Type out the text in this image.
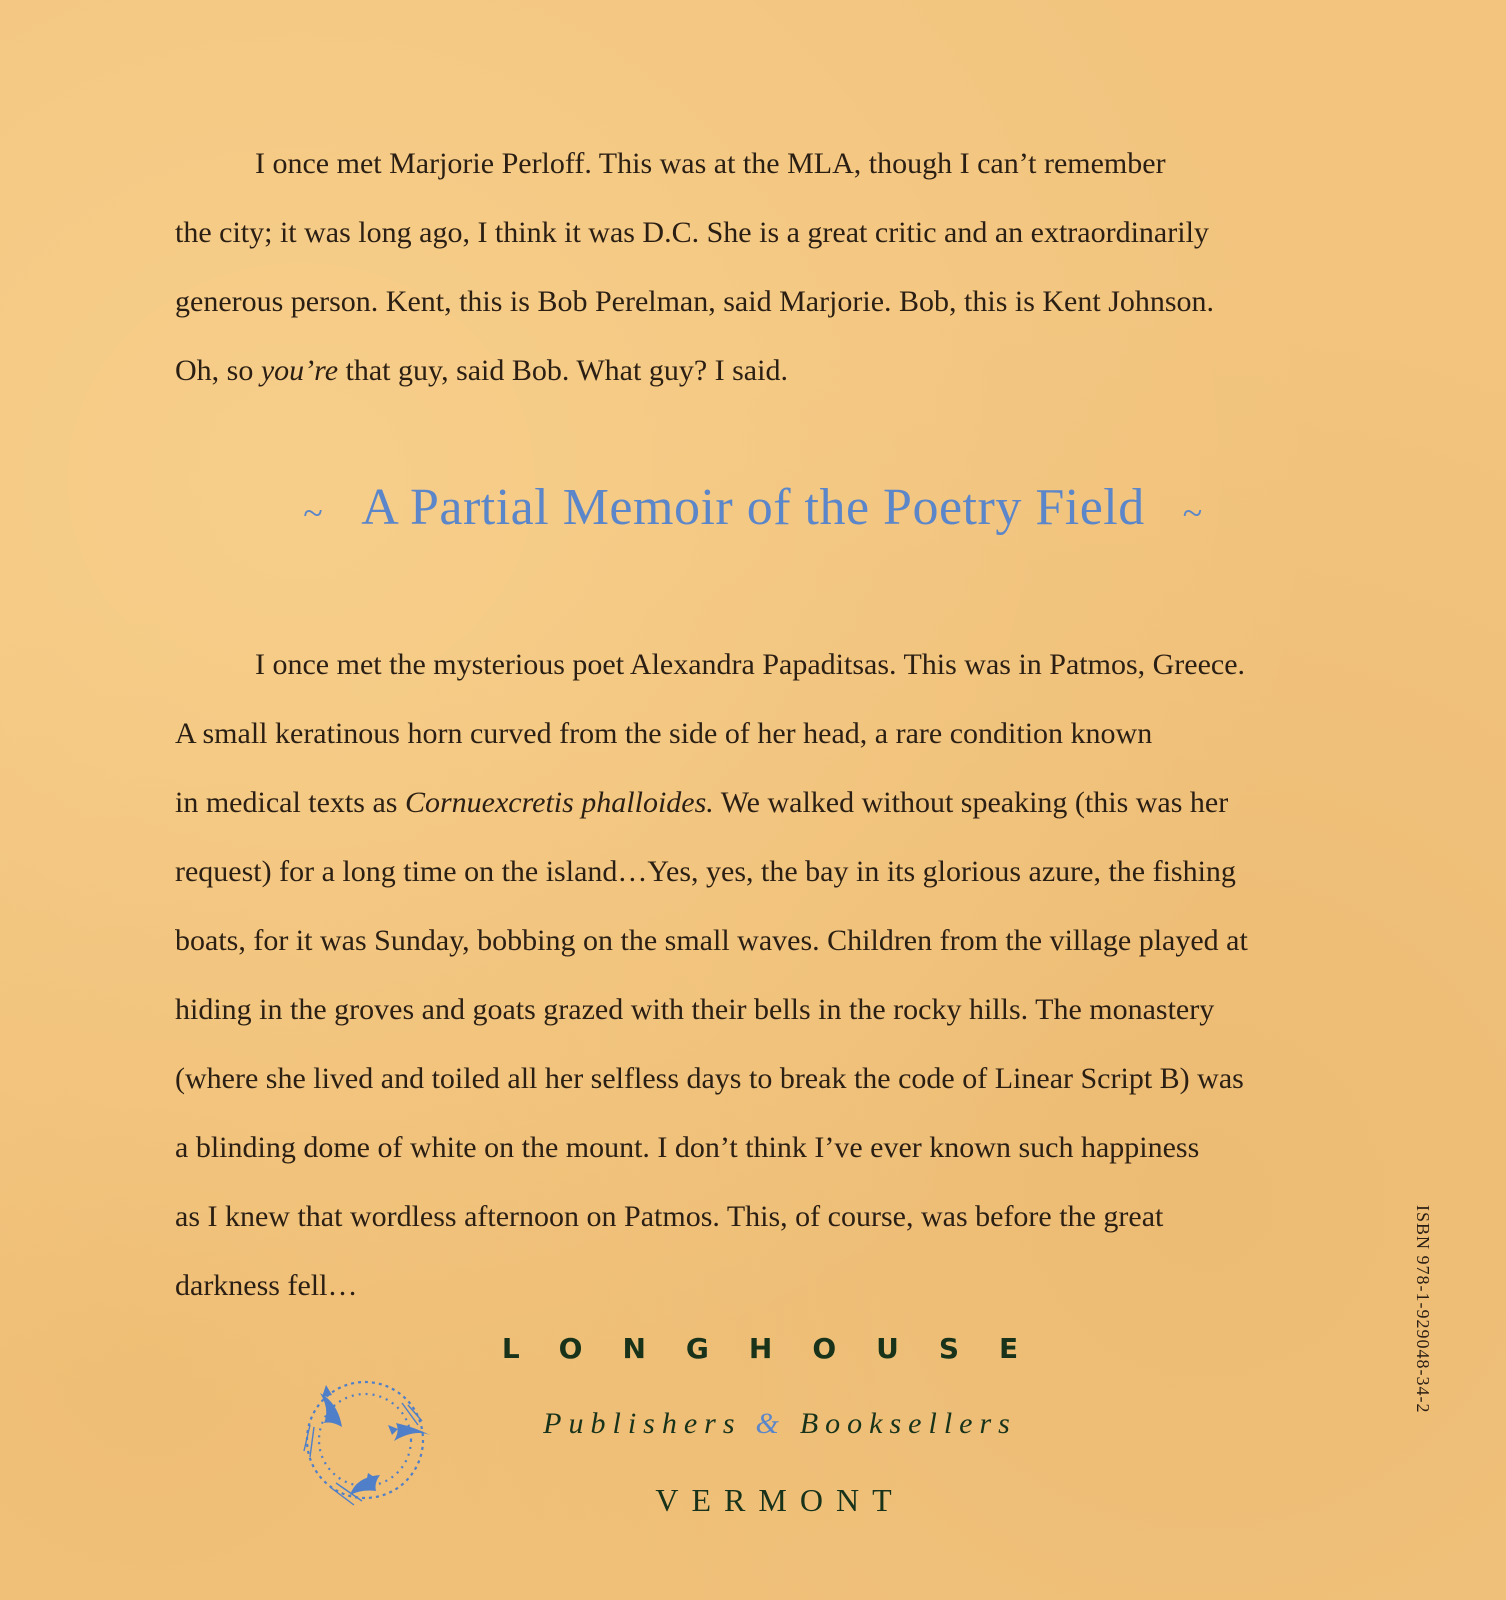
I once met Marjorie Perloff. This was at the MLA, though I can’t remember
the city; it was long ago, I think it was D.C. She is a great critic and an extraordinarily
generous person. Kent, this is Bob Perelman, said Marjorie. Bob, this is Kent Johnson.
Oh, so you’re that guy, said Bob. What guy? I said.
~ A Partial Memoir of the Poetry Field ~
I once met the mysterious poet Alexandra Papaditsas. This was in Patmos, Greece.
A small keratinous horn curved from the side of her head, a rare condition known
in medical texts as Cornuexcretis phalloides. We walked without speaking (this was her
request) for a long time on the island…Yes, yes, the bay in its glorious azure, the fishing
boats, for it was Sunday, bobbing on the small waves. Children from the village played at
hiding in the groves and goats grazed with their bells in the rocky hills. The monastery
(where she lived and toiled all her selfless days to break the code of Linear Script B) was
a blinding dome of white on the mount. I don’t think I’ve ever known such happiness
as I knew that wordless afternoon on Patmos. This, of course, was before the great
darkness fell…
LONGHOUSE
Publishers & Booksellers
VERMONT
ISBN 978-1-929048-34-2
